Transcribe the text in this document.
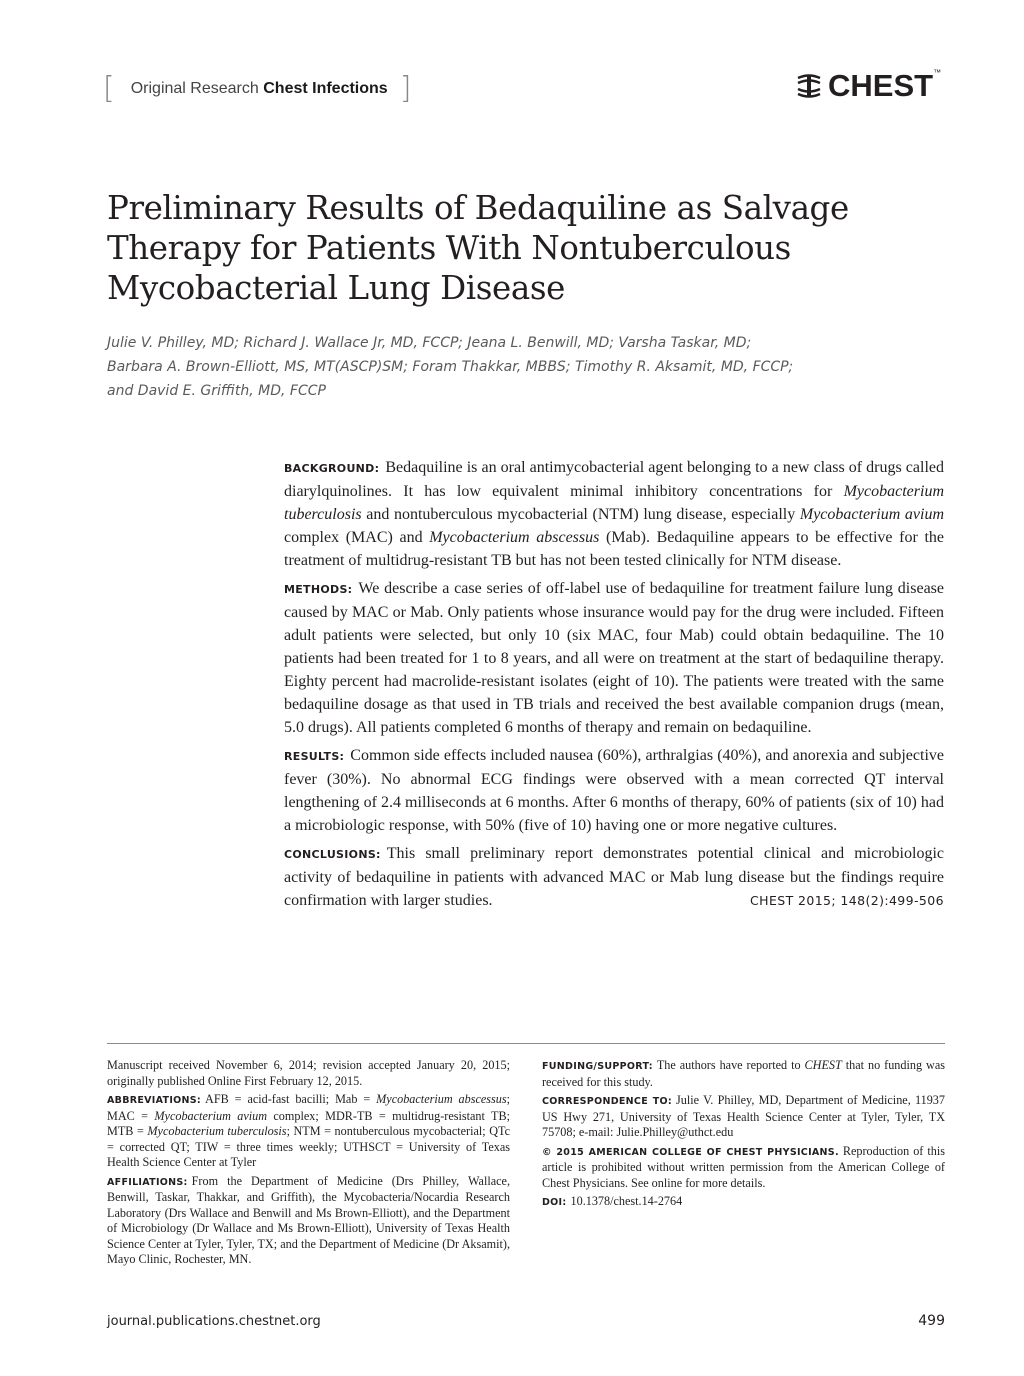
[ Original Research Chest Infections ]	CHEST™
Preliminary Results of Bedaquiline as Salvage Therapy for Patients With Nontuberculous Mycobacterial Lung Disease
Julie V. Philley, MD; Richard J. Wallace Jr, MD, FCCP; Jeana L. Benwill, MD; Varsha Taskar, MD;
Barbara A. Brown-Elliott, MS, MT(ASCP)SM; Foram Thakkar, MBBS; Timothy R. Aksamit, MD, FCCP;
and David E. Griffith, MD, FCCP

BACKGROUND: Bedaquiline is an oral antimycobacterial agent belonging to a new class of drugs called diarylquinolines. It has low equivalent minimal inhibitory concentrations for Mycobacterium tuberculosis and nontuberculous mycobacterial (NTM) lung disease, especially Mycobacterium avium complex (MAC) and Mycobacterium abscessus (Mab). Bedaquiline appears to be effective for the treatment of multidrug-resistant TB but has not been tested clinically for NTM disease.

METHODS: We describe a case series of off-label use of bedaquiline for treatment failure lung disease caused by MAC or Mab. Only patients whose insurance would pay for the drug were included. Fifteen adult patients were selected, but only 10 (six MAC, four Mab) could obtain bedaquiline. The 10 patients had been treated for 1 to 8 years, and all were on treatment at the start of bedaquiline therapy. Eighty percent had macrolide-resistant isolates (eight of 10). The patients were treated with the same bedaquiline dosage as that used in TB trials and received the best available companion drugs (mean, 5.0 drugs). All patients completed 6 months of therapy and remain on bedaquiline.

RESULTS: Common side effects included nausea (60%), arthralgias (40%), and anorexia and subjective fever (30%). No abnormal ECG findings were observed with a mean corrected QT interval lengthening of 2.4 milliseconds at 6 months. After 6 months of therapy, 60% of patients (six of 10) had a microbiologic response, with 50% (five of 10) having one or more negative cultures.

CONCLUSIONS: This small preliminary report demonstrates potential clinical and microbiologic activity of bedaquiline in patients with advanced MAC or Mab lung disease but the findings require confirmation with larger studies.	CHEST 2015; 148(2):499-506

Manuscript received November 6, 2014; revision accepted January 20, 2015; originally published Online First February 12, 2015.

ABBREVIATIONS: AFB = acid-fast bacilli; Mab = Mycobacterium abscessus; MAC = Mycobacterium avium complex; MDR-TB = multidrug-resistant TB; MTB = Mycobacterium tuberculosis; NTM = nontuberculous mycobacterial; QTc = corrected QT; TIW = three times weekly; UTHSCT = University of Texas Health Science Center at Tyler

AFFILIATIONS: From the Department of Medicine (Drs Philley, Wallace, Benwill, Taskar, Thakkar, and Griffith), the Mycobacteria/Nocardia Research Laboratory (Drs Wallace and Benwill and Ms Brown-Elliott), and the Department of Microbiology (Dr Wallace and Ms Brown-Elliott), University of Texas Health Science Center at Tyler, Tyler, TX; and the Department of Medicine (Dr Aksamit), Mayo Clinic, Rochester, MN.

FUNDING/SUPPORT: The authors have reported to CHEST that no funding was received for this study.

CORRESPONDENCE TO: Julie V. Philley, MD, Department of Medicine, 11937 US Hwy 271, University of Texas Health Science Center at Tyler, Tyler, TX 75708; e-mail: Julie.Philley@uthct.edu

© 2015 AMERICAN COLLEGE OF CHEST PHYSICIANS. Reproduction of this article is prohibited without written permission from the American College of Chest Physicians. See online for more details.

DOI: 10.1378/chest.14-2764

journal.publications.chestnet.org	499
